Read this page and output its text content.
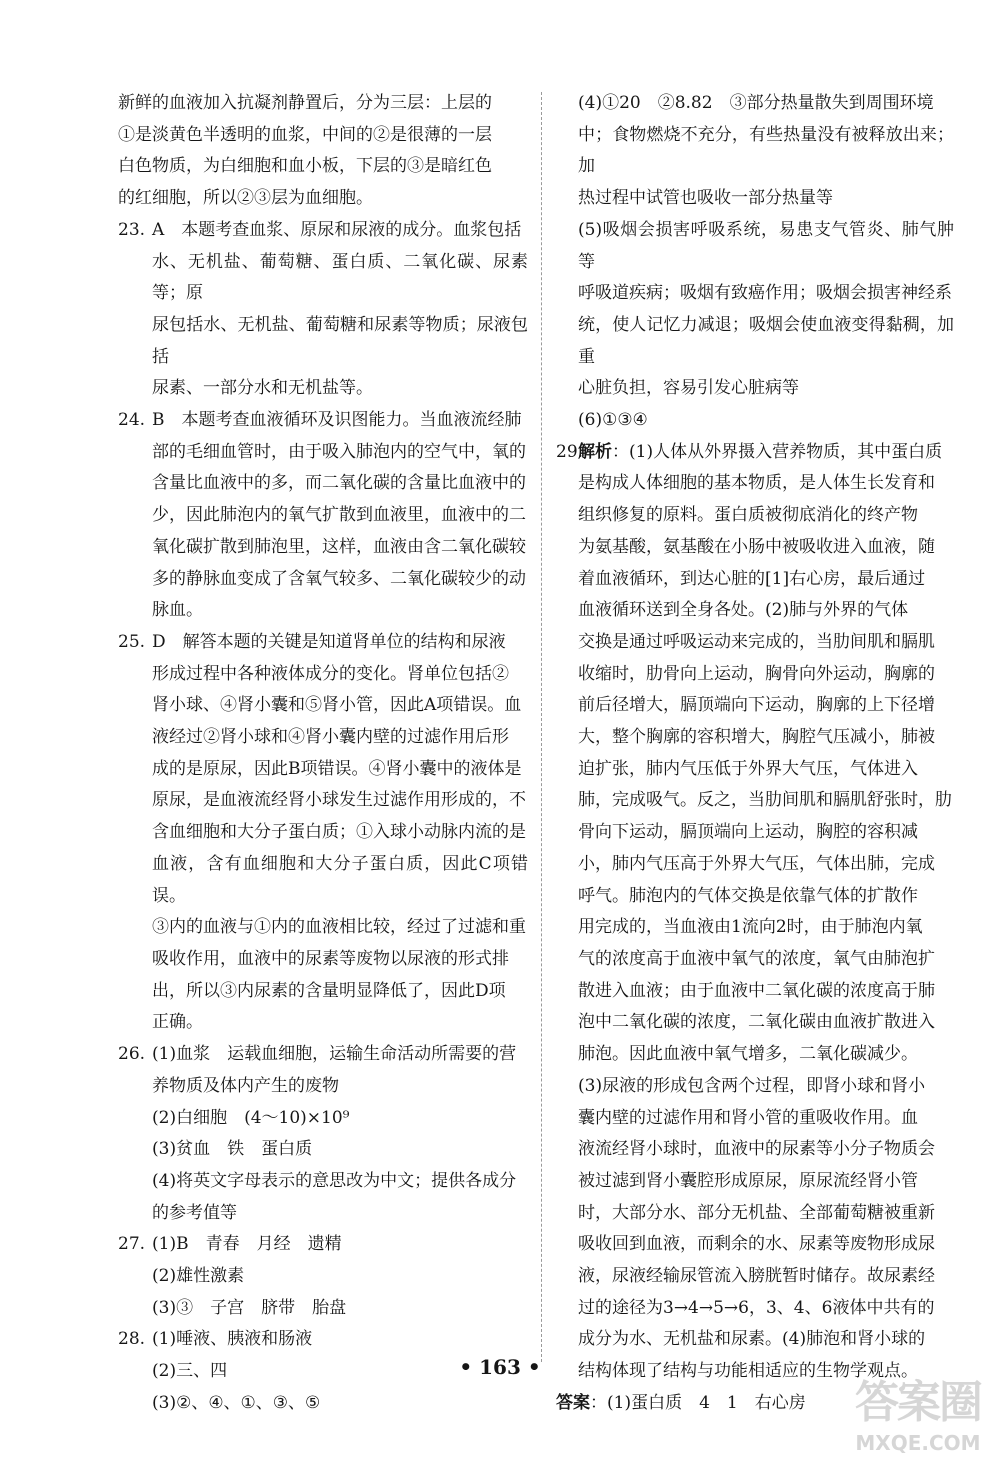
新鲜的血液加入抗凝剂静置后，分为三层：上层的
①是淡黄色半透明的血浆，中间的②是很薄的一层
白色物质，为白细胞和血小板，下层的③是暗红色
的红细胞，所以②③层为血细胞。
23. A　本题考查血浆、原尿和尿液的成分。血浆包括
水、无机盐、葡萄糖、蛋白质、二氧化碳、尿素等；原
尿包括水、无机盐、葡萄糖和尿素等物质；尿液包括
尿素、一部分水和无机盐等。
24. B　本题考查血液循环及识图能力。当血液流经肺
部的毛细血管时，由于吸入肺泡内的空气中，氧的
含量比血液中的多，而二氧化碳的含量比血液中的
少，因此肺泡内的氧气扩散到血液里，血液中的二
氧化碳扩散到肺泡里，这样，血液由含二氧化碳较
多的静脉血变成了含氧气较多、二氧化碳较少的动
脉血。
25. D　解答本题的关键是知道肾单位的结构和尿液
形成过程中各种液体成分的变化。肾单位包括②
肾小球、④肾小囊和⑤肾小管，因此A项错误。血
液经过②肾小球和④肾小囊内壁的过滤作用后形
成的是原尿，因此B项错误。④肾小囊中的液体是
原尿，是血液流经肾小球发生过滤作用形成的，不
含血细胞和大分子蛋白质；①入球小动脉内流的是
血液，含有血细胞和大分子蛋白质，因此C项错误。
③内的血液与①内的血液相比较，经过了过滤和重
吸收作用，血液中的尿素等废物以尿液的形式排
出，所以③内尿素的含量明显降低了，因此D项
正确。
26. (1)血浆　运载血细胞，运输生命活动所需要的营
养物质及体内产生的废物
(2)白细胞　(4～10)×10⁹
(3)贫血　铁　蛋白质
(4)将英文字母表示的意思改为中文；提供各成分
的参考值等
27. (1)B　青春　月经　遗精
(2)雄性激素
(3)③　子宫　脐带　胎盘
28. (1)唾液、胰液和肠液
(2)三、四
(3)②、④、①、③、⑤
(4)①20　②8.82　③部分热量散失到周围环境
中；食物燃烧不充分，有些热量没有被释放出来；加
热过程中试管也吸收一部分热量等
(5)吸烟会损害呼吸系统，易患支气管炎、肺气肿等
呼吸道疾病；吸烟有致癌作用；吸烟会损害神经系
统，使人记忆力减退；吸烟会使血液变得黏稠，加重
心脏负担，容易引发心脏病等
(6)①③④
29.
解析：(1)人体从外界摄入营养物质，其中蛋白质
是构成人体细胞的基本物质，是人体生长发育和
组织修复的原料。蛋白质被彻底消化的终产物
为氨基酸，氨基酸在小肠中被吸收进入血液，随
着血液循环，到达心脏的[1]右心房，最后通过
血液循环送到全身各处。(2)肺与外界的气体
交换是通过呼吸运动来完成的，当肋间肌和膈肌
收缩时，肋骨向上运动，胸骨向外运动，胸廓的
前后径增大，膈顶端向下运动，胸廓的上下径增
大，整个胸廓的容积增大，胸腔气压减小，肺被
迫扩张，肺内气压低于外界大气压，气体进入
肺，完成吸气。反之，当肋间肌和膈肌舒张时，肋
骨向下运动，膈顶端向上运动，胸腔的容积减
小，肺内气压高于外界大气压，气体出肺，完成
呼气。肺泡内的气体交换是依靠气体的扩散作
用完成的，当血液由1流向2时，由于肺泡内氧
气的浓度高于血液中氧气的浓度，氧气由肺泡扩
散进入血液；由于血液中二氧化碳的浓度高于肺
泡中二氧化碳的浓度，二氧化碳由血液扩散进入
肺泡。因此血液中氧气增多，二氧化碳减少。
(3)尿液的形成包含两个过程，即肾小球和肾小
囊内壁的过滤作用和肾小管的重吸收作用。血
液流经肾小球时，血液中的尿素等小分子物质会
被过滤到肾小囊腔形成原尿，原尿流经肾小管
时，大部分水、部分无机盐、全部葡萄糖被重新
吸收回到血液，而剩余的水、尿素等废物形成尿
液，尿液经输尿管流入膀胱暂时储存。故尿素经
过的途径为3→4→5→6，3、4、6液体中共有的
成分为水、无机盐和尿素。(4)肺泡和肾小球的
结构体现了结构与功能相适应的生物学观点。
答案：(1)蛋白质　4　1　右心房
• 163 •
答案圈
MXQE.COM
